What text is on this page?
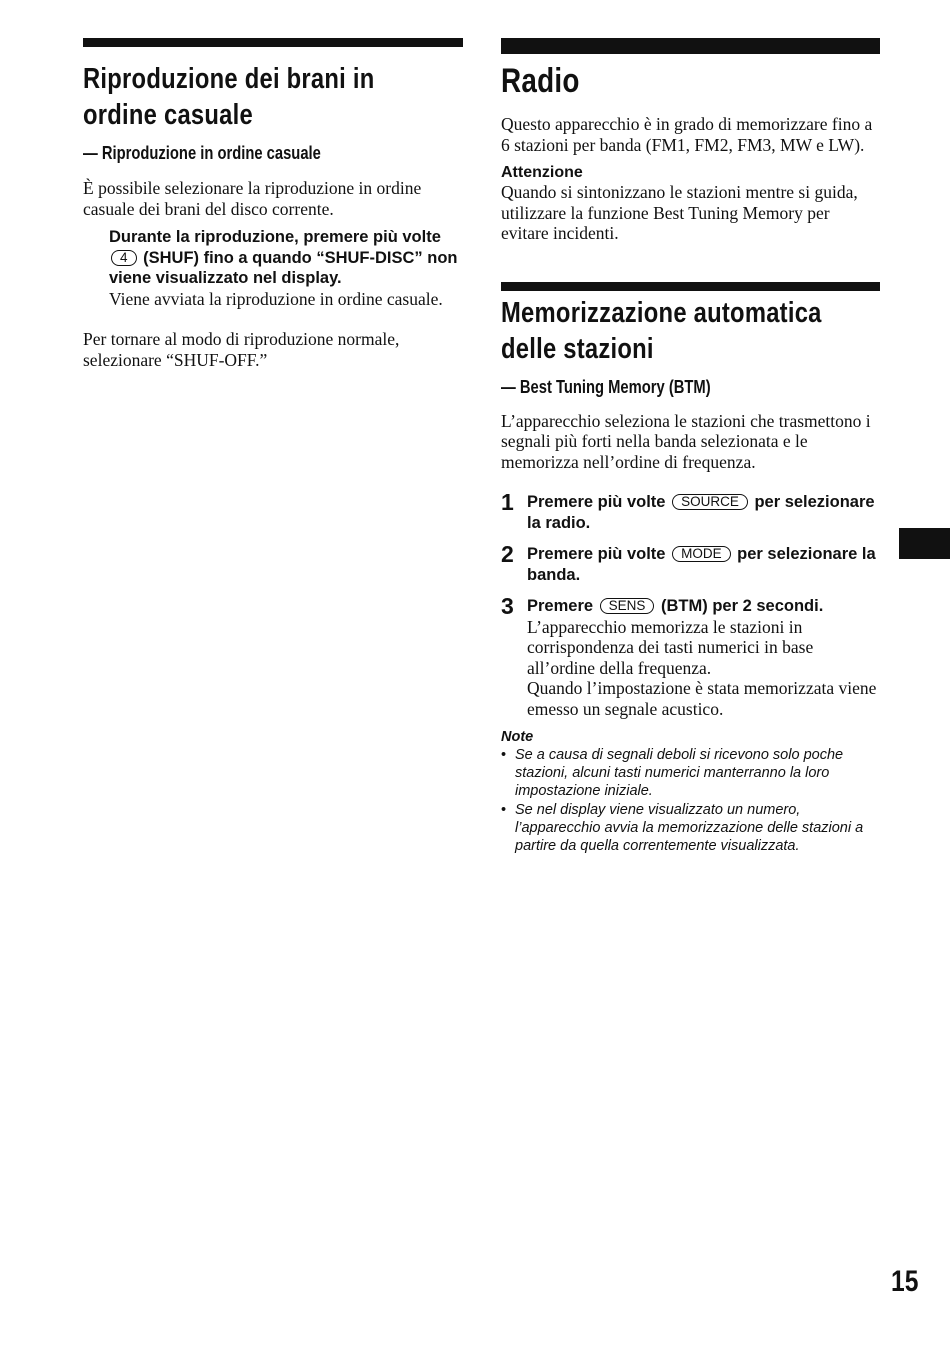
Riproduzione dei brani in
ordine casuale

— Riproduzione in ordine casuale

È possibile selezionare la riproduzione in ordine casuale dei brani del disco corrente.

Durante la riproduzione, premere più volte 4 (SHUF) fino a quando “SHUF-DISC” non viene visualizzato nel display.

Viene avviata la riproduzione in ordine casuale.

Per tornare al modo di riproduzione normale, selezionare “SHUF-OFF.”

Radio

Questo apparecchio è in grado di memorizzare fino a 6 stazioni per banda (FM1, FM2, FM3, MW e LW).

Attenzione

Quando si sintonizzano le stazioni mentre si guida, utilizzare la funzione Best Tuning Memory per evitare incidenti.

Memorizzazione automatica
delle stazioni

— Best Tuning Memory (BTM)

L’apparecchio seleziona le stazioni che trasmettono i segnali più forti nella banda selezionata e le memorizza nell’ordine di frequenza.

1 Premere più volte SOURCE per selezionare la radio.
2 Premere più volte MODE per selezionare la banda.
3 Premere SENS (BTM) per 2 secondi.

L’apparecchio memorizza le stazioni in corrispondenza dei tasti numerici in base all’ordine della frequenza.

Quando l’impostazione è stata memorizzata viene emesso un segnale acustico.

Note

• Se a causa di segnali deboli si ricevono solo poche stazioni, alcuni tasti numerici manterranno la loro impostazione iniziale.
• Se nel display viene visualizzato un numero, l’apparecchio avvia la memorizzazione delle stazioni a partire da quella correntemente visualizzata.
15
